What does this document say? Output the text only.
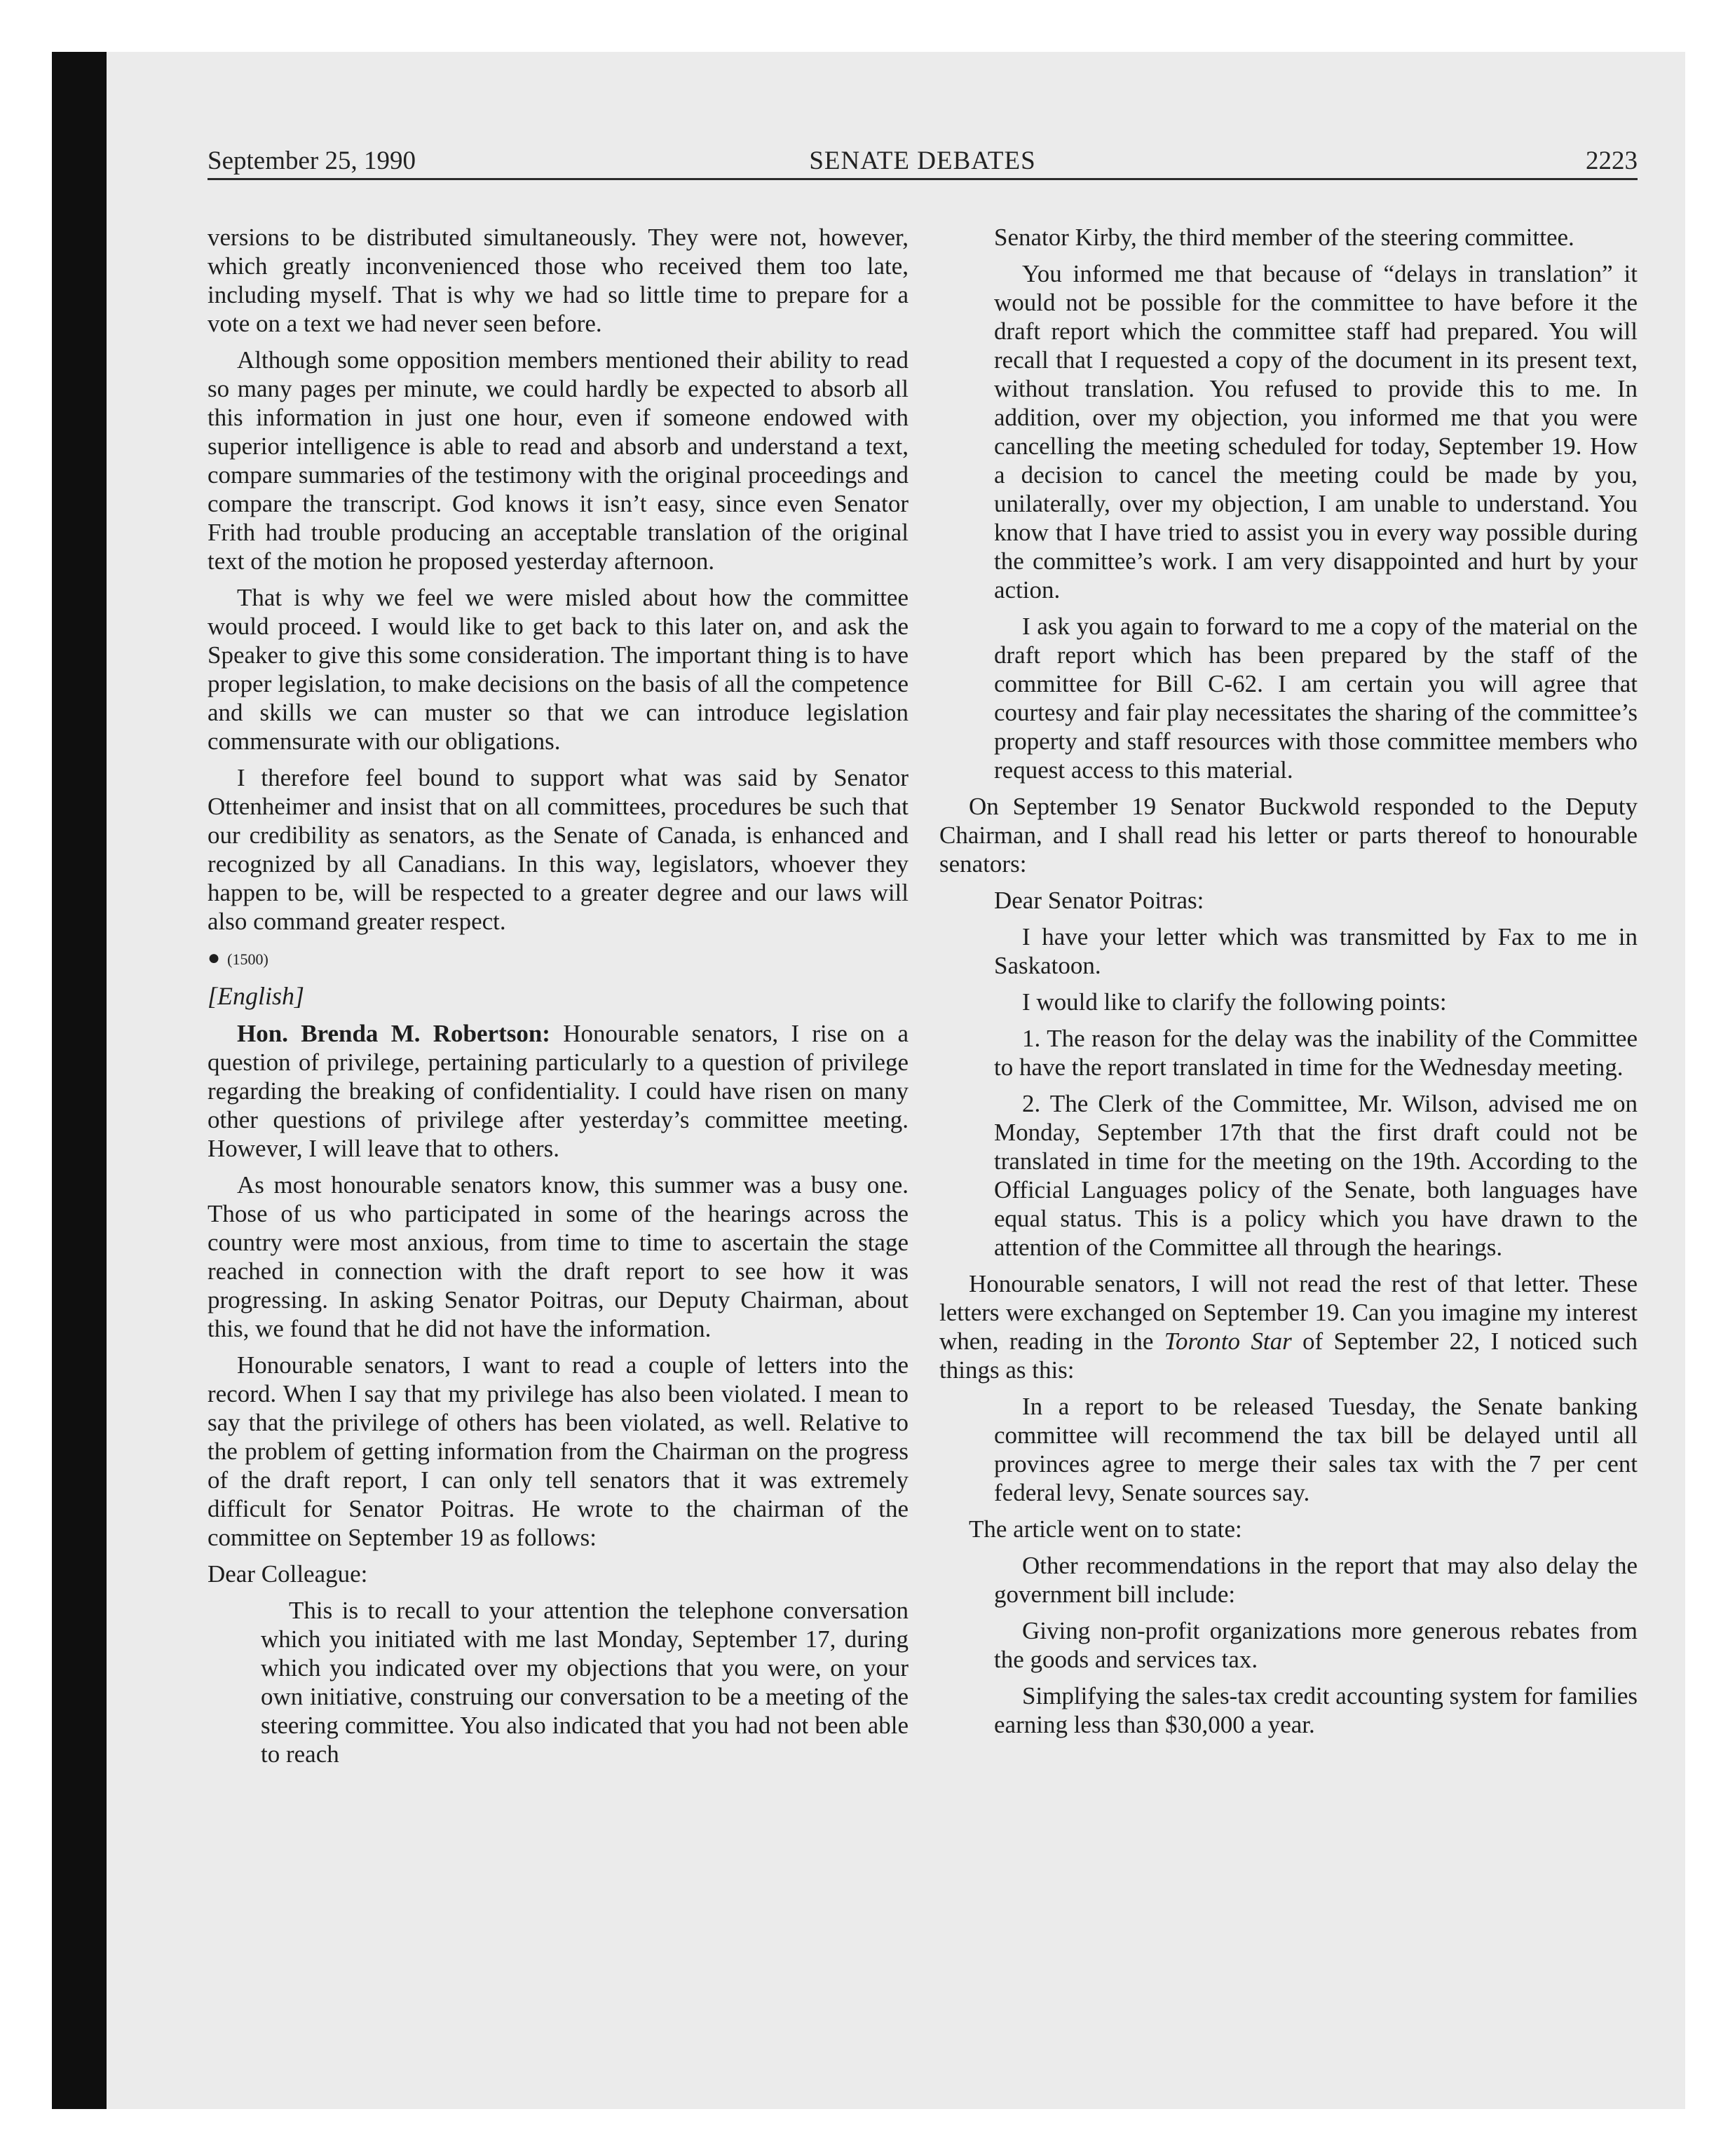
September 25, 1990	SENATE DEBATES	2223

versions to be distributed simultaneously. They were not, however, which greatly inconvenienced those who received them too late, including myself. That is why we had so little time to prepare for a vote on a text we had never seen before.

Although some opposition members mentioned their ability to read so many pages per minute, we could hardly be expected to absorb all this information in just one hour, even if someone endowed with superior intelligence is able to read and absorb and understand a text, compare summaries of the testimony with the original proceedings and compare the transcript. God knows it isn’t easy, since even Senator Frith had trouble producing an acceptable translation of the original text of the motion he proposed yesterday afternoon.

That is why we feel we were misled about how the committee would proceed. I would like to get back to this later on, and ask the Speaker to give this some consideration. The important thing is to have proper legislation, to make decisions on the basis of all the competence and skills we can muster so that we can introduce legislation commensurate with our obligations.

I therefore feel bound to support what was said by Senator Ottenheimer and insist that on all committees, procedures be such that our credibility as senators, as the Senate of Canada, is enhanced and recognized by all Canadians. In this way, legislators, whoever they happen to be, will be respected to a greater degree and our laws will also command greater respect.

● (1500)
[English]

Hon. Brenda M. Robertson: Honourable senators, I rise on a question of privilege, pertaining particularly to a question of privilege regarding the breaking of confidentiality. I could have risen on many other questions of privilege after yesterday’s committee meeting. However, I will leave that to others.

As most honourable senators know, this summer was a busy one. Those of us who participated in some of the hearings across the country were most anxious, from time to time to ascertain the stage reached in connection with the draft report to see how it was progressing. In asking Senator Poitras, our Deputy Chairman, about this, we found that he did not have the information.

Honourable senators, I want to read a couple of letters into the record. When I say that my privilege has also been violated. I mean to say that the privilege of others has been violated, as well. Relative to the problem of getting information from the Chairman on the progress of the draft report, I can only tell senators that it was extremely difficult for Senator Poitras. He wrote to the chairman of the committee on September 19 as follows:

Dear Colleague:

This is to recall to your attention the telephone conversation which you initiated with me last Monday, September 17, during which you indicated over my objections that you were, on your own initiative, construing our conversation to be a meeting of the steering committee. You also indicated that you had not been able to reach

Senator Kirby, the third member of the steering committee.

You informed me that because of “delays in translation” it would not be possible for the committee to have before it the draft report which the committee staff had prepared. You will recall that I requested a copy of the document in its present text, without translation. You refused to provide this to me. In addition, over my objection, you informed me that you were cancelling the meeting scheduled for today, September 19. How a decision to cancel the meeting could be made by you, unilaterally, over my objection, I am unable to understand. You know that I have tried to assist you in every way possible during the committee’s work. I am very disappointed and hurt by your action.

I ask you again to forward to me a copy of the material on the draft report which has been prepared by the staff of the committee for Bill C-62. I am certain you will agree that courtesy and fair play necessitates the sharing of the committee’s property and staff resources with those committee members who request access to this material.

On September 19 Senator Buckwold responded to the Deputy Chairman, and I shall read his letter or parts thereof to honourable senators:

Dear Senator Poitras:

I have your letter which was transmitted by Fax to me in Saskatoon.

I would like to clarify the following points:

1. The reason for the delay was the inability of the Committee to have the report translated in time for the Wednesday meeting.

2. The Clerk of the Committee, Mr. Wilson, advised me on Monday, September 17th that the first draft could not be translated in time for the meeting on the 19th. According to the Official Languages policy of the Senate, both languages have equal status. This is a policy which you have drawn to the attention of the Committee all through the hearings.

Honourable senators, I will not read the rest of that letter. These letters were exchanged on September 19. Can you imagine my interest when, reading in the Toronto Star of September 22, I noticed such things as this:

In a report to be released Tuesday, the Senate banking committee will recommend the tax bill be delayed until all provinces agree to merge their sales tax with the 7 per cent federal levy, Senate sources say.

The article went on to state:

Other recommendations in the report that may also delay the government bill include:

Giving non-profit organizations more generous rebates from the goods and services tax.

Simplifying the sales-tax credit accounting system for families earning less than $30,000 a year.
